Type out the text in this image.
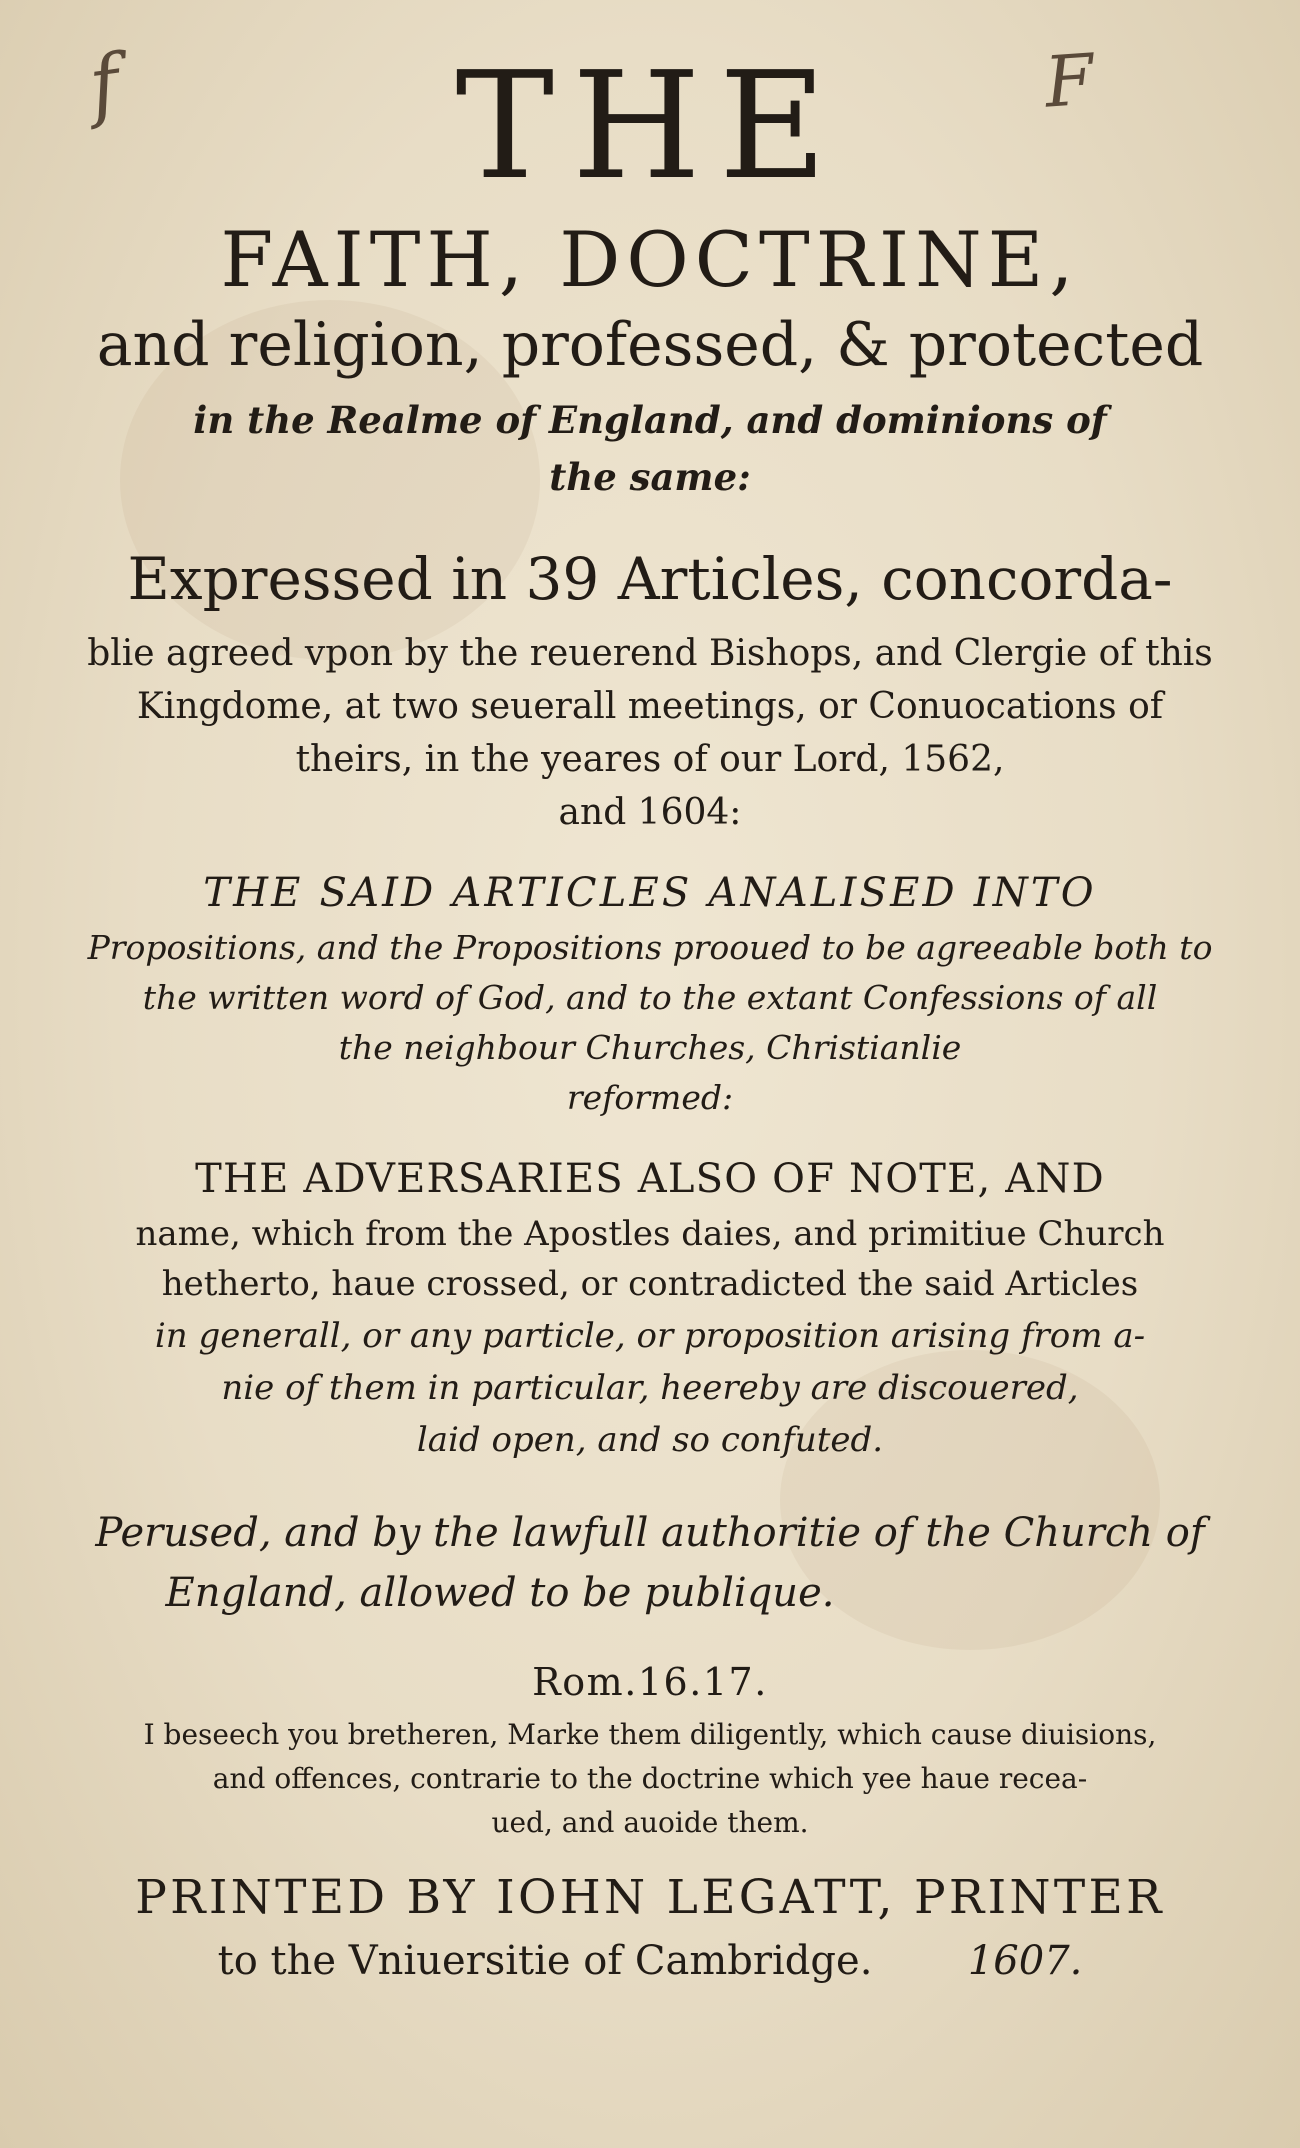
f	F
THE
FAITH, DOCTRINE,
and religion, professed, & protected
in the Realme of England, and dominions of
the same:
Expressed in 39 Articles, concorda-
blie agreed vpon by the reuerend Bishops, and Clergie of this
Kingdome, at two seuerall meetings, or Conuocations of
theirs, in the yeares of our Lord, 1562,
and 1604:
THE SAID ARTICLES ANALISED INTO
Propositions, and the Propositions prooued to be agreeable both to
the written word of God, and to the extant Confessions of all
the neighbour Churches, Christianlie
reformed:
THE ADVERSARIES ALSO OF NOTE, AND
name, which from the Apostles daies, and primitiue Church
hetherto, haue crossed, or contradicted the said Articles
in generall, or any particle, or proposition arising from a-
nie of them in particular, heereby are discouered,
laid open, and so confuted.
Perused, and by the lawfull authoritie of the Church of
England, allowed to be publique.
Rom.16.17.
I beseech you bretheren, Marke them diligently, which cause diuisions,
and offences, contrarie to the doctrine which yee haue recea-
ued, and auoide them.
PRINTED BY IOHN LEGATT, PRINTER
to the Vniuersitie of Cambridge. 1607.
